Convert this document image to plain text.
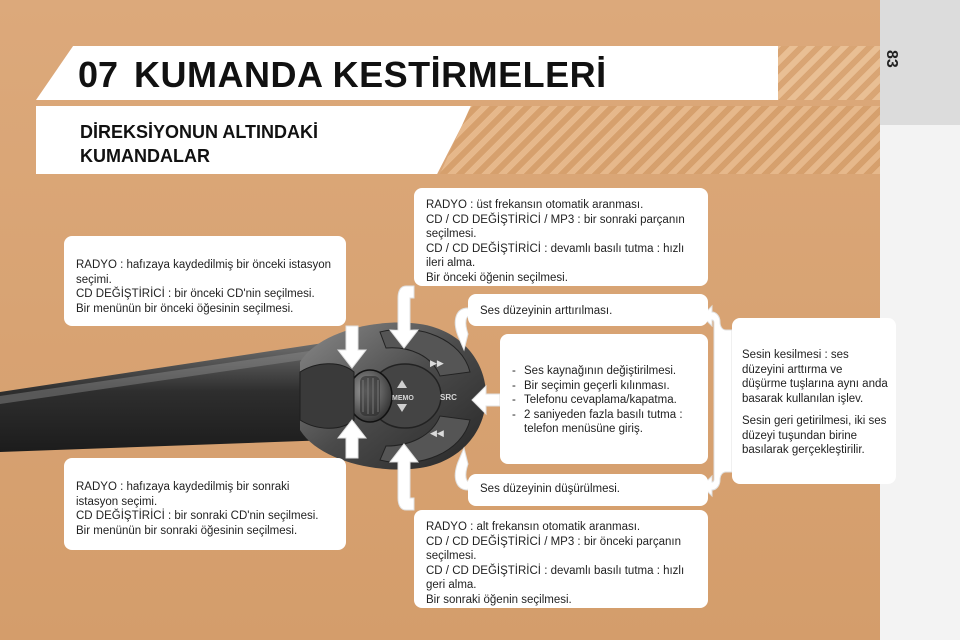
83
07 KUMANDA KESTİRMELERİ
DİREKSİYONUN ALTINDAKİ
KUMANDALAR
MEMO	SRC
▶▶
◀◀

RADYO : hafızaya kaydedilmiş bir önceki istasyon seçimi.

CD DEĞİŞTİRİCİ : bir önceki CD'nin seçilmesi.

Bir menünün bir önceki öğesinin seçilmesi.

RADYO : hafızaya kaydedilmiş bir sonraki istasyon seçimi.

CD DEĞİŞTİRİCİ : bir sonraki CD'nin seçilmesi.

Bir menünün bir sonraki öğesinin seçilmesi.

RADYO : üst frekansın otomatik aranması.

CD / CD DEĞİŞTİRİCİ / MP3 : bir sonraki parçanın seçilmesi.

CD / CD DEĞİŞTİRİCİ : devamlı basılı tutma : hızlı ileri alma.

Bir önceki öğenin seçilmesi.

RADYO : alt frekansın otomatik aranması.

CD / CD DEĞİŞTİRİCİ / MP3 : bir önceki parçanın seçilmesi.

CD / CD DEĞİŞTİRİCİ : devamlı basılı tutma : hızlı geri alma.

Bir sonraki öğenin seçilmesi.

Ses düzeyinin arttırılması.

Ses düzeyinin düşürülmesi.

- Ses kaynağının değiştirilmesi.
- Bir seçimin geçerli kılınması.
- Telefonu cevaplama/kapatma.
- 2 saniyeden fazla basılı tutma : telefon menüsüne giriş.

Sesin kesilmesi : ses düzeyini arttırma ve düşürme tuşlarına aynı anda basarak kullanılan işlev.

Sesin geri getirilmesi, iki ses düzeyi tuşundan birine basılarak gerçekleştirilir.
